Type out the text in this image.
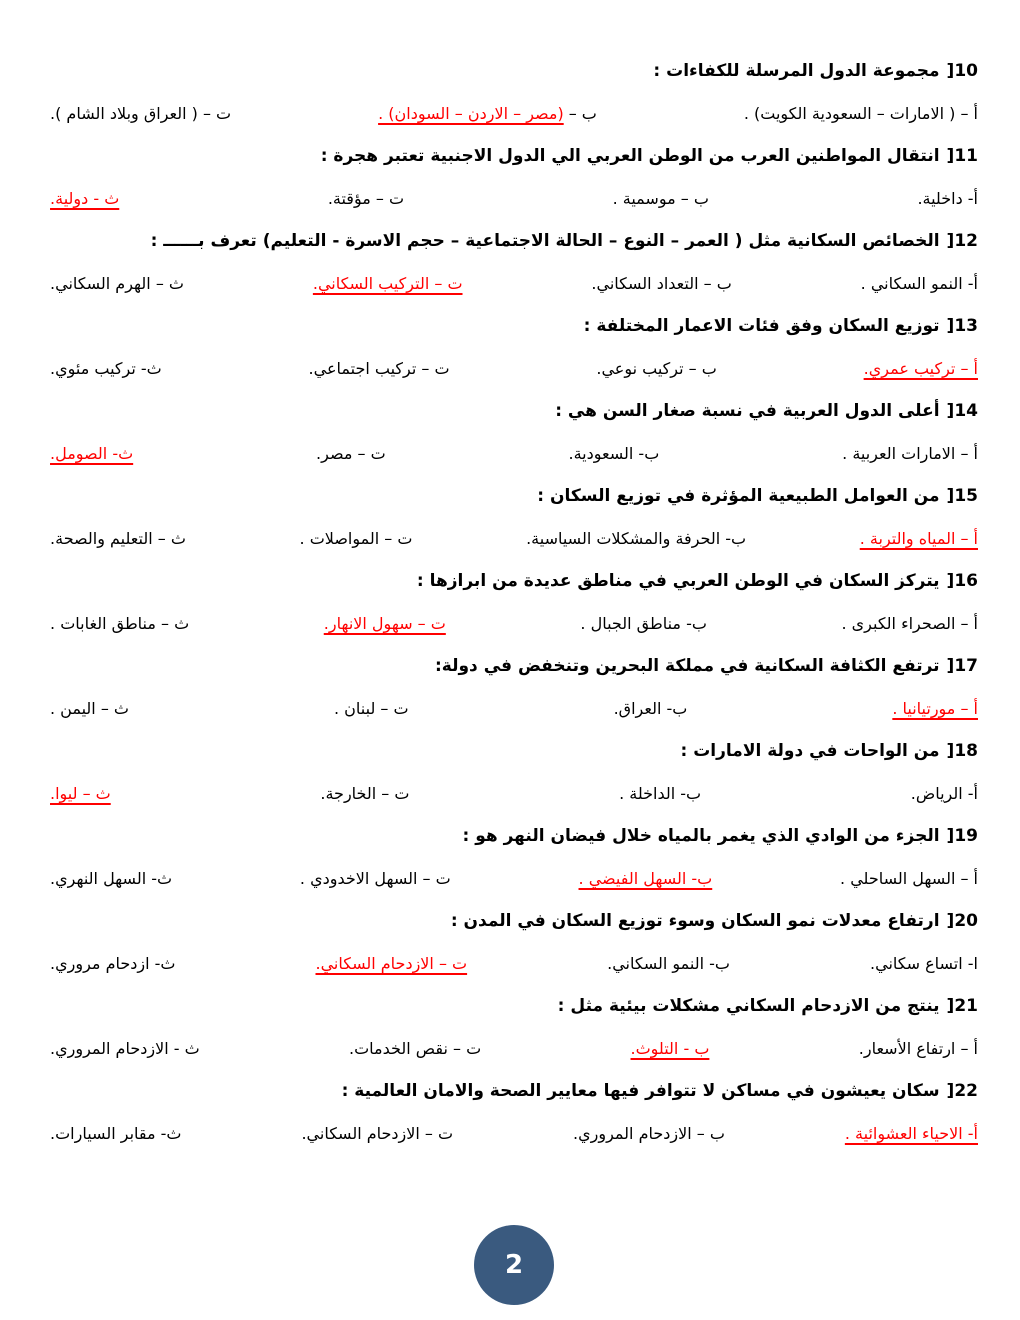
] 10
مجموعة الدول المرسلة للكفاءات :
أ – ( الامارات – السعودية الكويت) .
ب –(مصر – الاردن – السودان) .
ت – ( العراق وبلاد الشام ).
] 11
انتقال المواطنين العرب من الوطن العربي الي الدول الاجنبية تعتبر هجرة :
أ- داخلية.
ب – موسمية .
ت – مؤقتة.
ث - دولية.
] 12
الخصائص السكانية مثل ( العمر – النوع – الحالة الاجتماعية – حجم الاسرة - التعليم) تعرف بــــــ :
أ- النمو السكاني .
ب – التعداد السكاني.
ت – التركيب السكاني.
ث – الهرم السكاني.
] 13
توزيع السكان وفق فئات الاعمار المختلفة :
أ – تركيب عمري.
ب – تركيب نوعي.
ت – تركيب اجتماعي.
ث- تركيب مئوي.
] 14
أعلى الدول العربية في نسبة صغار السن هي :
أ – الامارات العربية .
ب- السعودية.
ت – مصر.
ث- الصومل.
] 15
من العوامل الطبيعية المؤثرة في توزيع السكان :
أ – المياه والتربة .
ب- الحرفة والمشكلات السياسية.
ت – المواصلات .
ث – التعليم والصحة.
] 16
يتركز السكان في الوطن العربي في مناطق عديدة من ابرازها :
أ – الصحراء الكبرى .
ب- مناطق الجبال .
ت – سهول الانهار.
ث – مناطق الغابات .
] 17
ترتفع الكثافة السكانية في مملكة البحرين وتنخفض في دولة:
أ – مورتيانيا .
ب- العراق.
ت – لبنان .
ث – اليمن .
] 18
من الواحات في دولة الامارات :
أ- الرياض.
ب- الداخلة .
ت – الخارجة.
ث – ليوا.
] 19
الجزء من الوادي الذي يغمر بالمياه خلال فيضان النهر هو :
أ – السهل الساحلي .
ب- السهل الفيضي .
ت – السهل الاخدودي .
ث- السهل النهري.
] 20
ارتفاع معدلات نمو السكان وسوء توزيع السكان في المدن :
ا- اتساع سكاني.
ب- النمو السكاني.
ت – الازدحام السكاني.
ث- ازدحام مروري.
] 21
ينتج من الازدحام السكاني مشكلات بيئية مثل :
أ – ارتفاع الأسعار.
ب - التلوث.
ت – نقص الخدمات.
ث - الازدحام المروري.
] 22
سكان يعيشون في مساكن لا تتوافر فيها معايير الصحة والامان العالمية :
أ- الاحياء العشوائية .
ب – الازدحام المروري.
ت – الازدحام السكاني.
ث- مقابر السيارات.
2
